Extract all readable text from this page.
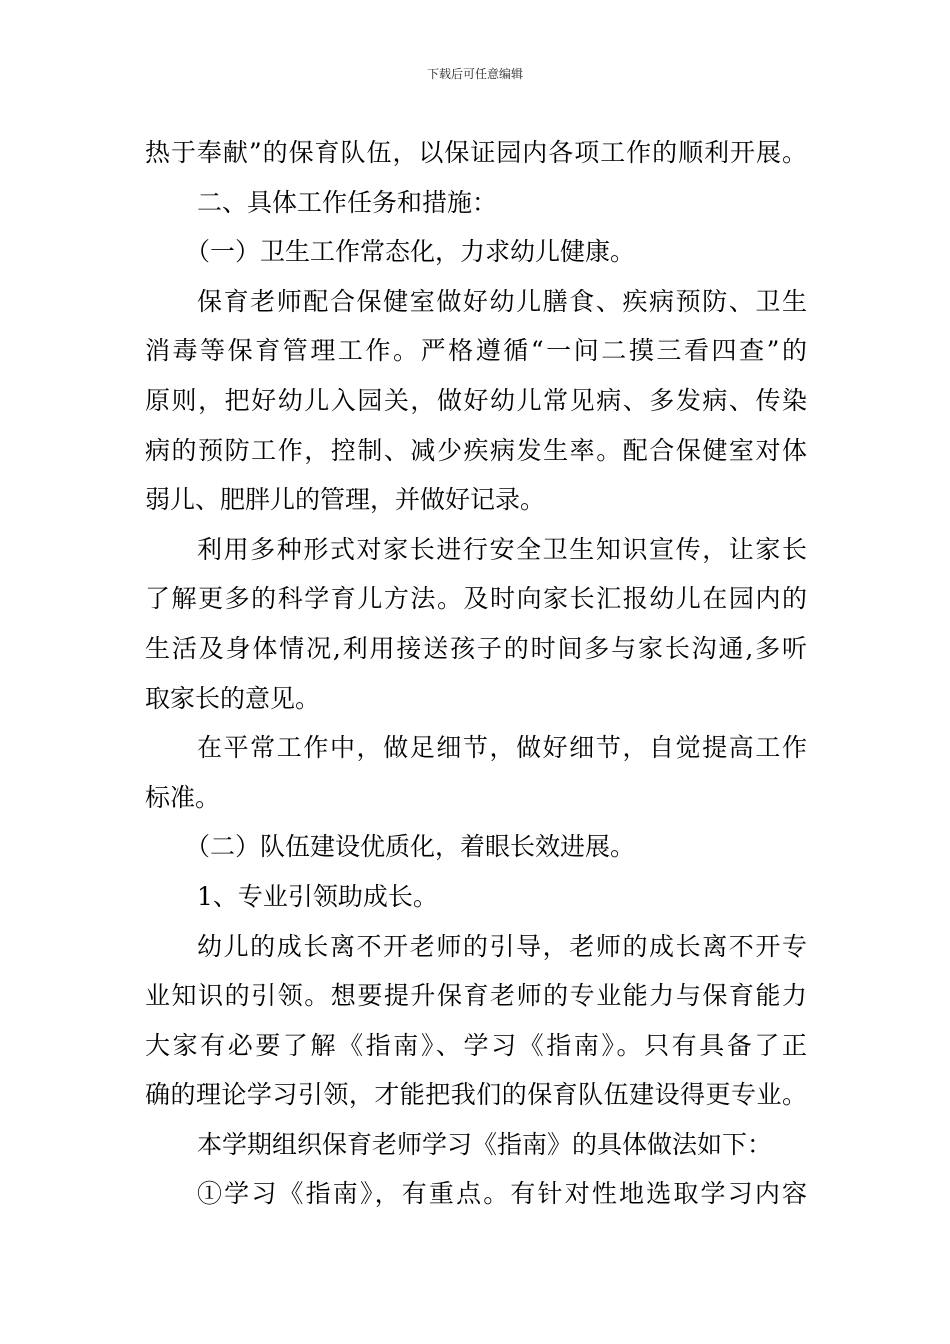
下载后可任意编辑
热于奉献”的保育队伍，以保证园内各项工作的顺利开展。
二、具体工作任务和措施：
（一）卫生工作常态化，力求幼儿健康。
保育老师配合保健室做好幼儿膳食、疾病预防、卫生
消毒等保育管理工作。严格遵循“一问二摸三看四查”的
原则，把好幼儿入园关，做好幼儿常见病、多发病、传染
病的预防工作，控制、减少疾病发生率。配合保健室对体
弱儿、肥胖儿的管理，并做好记录。
利用多种形式对家长进行安全卫生知识宣传，让家长
了解更多的科学育儿方法。及时向家长汇报幼儿在园内的
生活及身体情况,利用接送孩子的时间多与家长沟通,多听
取家长的意见。
在平常工作中，做足细节，做好细节，自觉提高工作
标准。
（二）队伍建设优质化，着眼长效进展。
1、专业引领助成长。
幼儿的成长离不开老师的引导，老师的成长离不开专
业知识的引领。想要提升保育老师的专业能力与保育能力
大家有必要了解《指南》、学习《指南》。只有具备了正
确的理论学习引领，才能把我们的保育队伍建设得更专业。
本学期组织保育老师学习《指南》的具体做法如下：
①学习《指南》，有重点。有针对性地选取学习内容
